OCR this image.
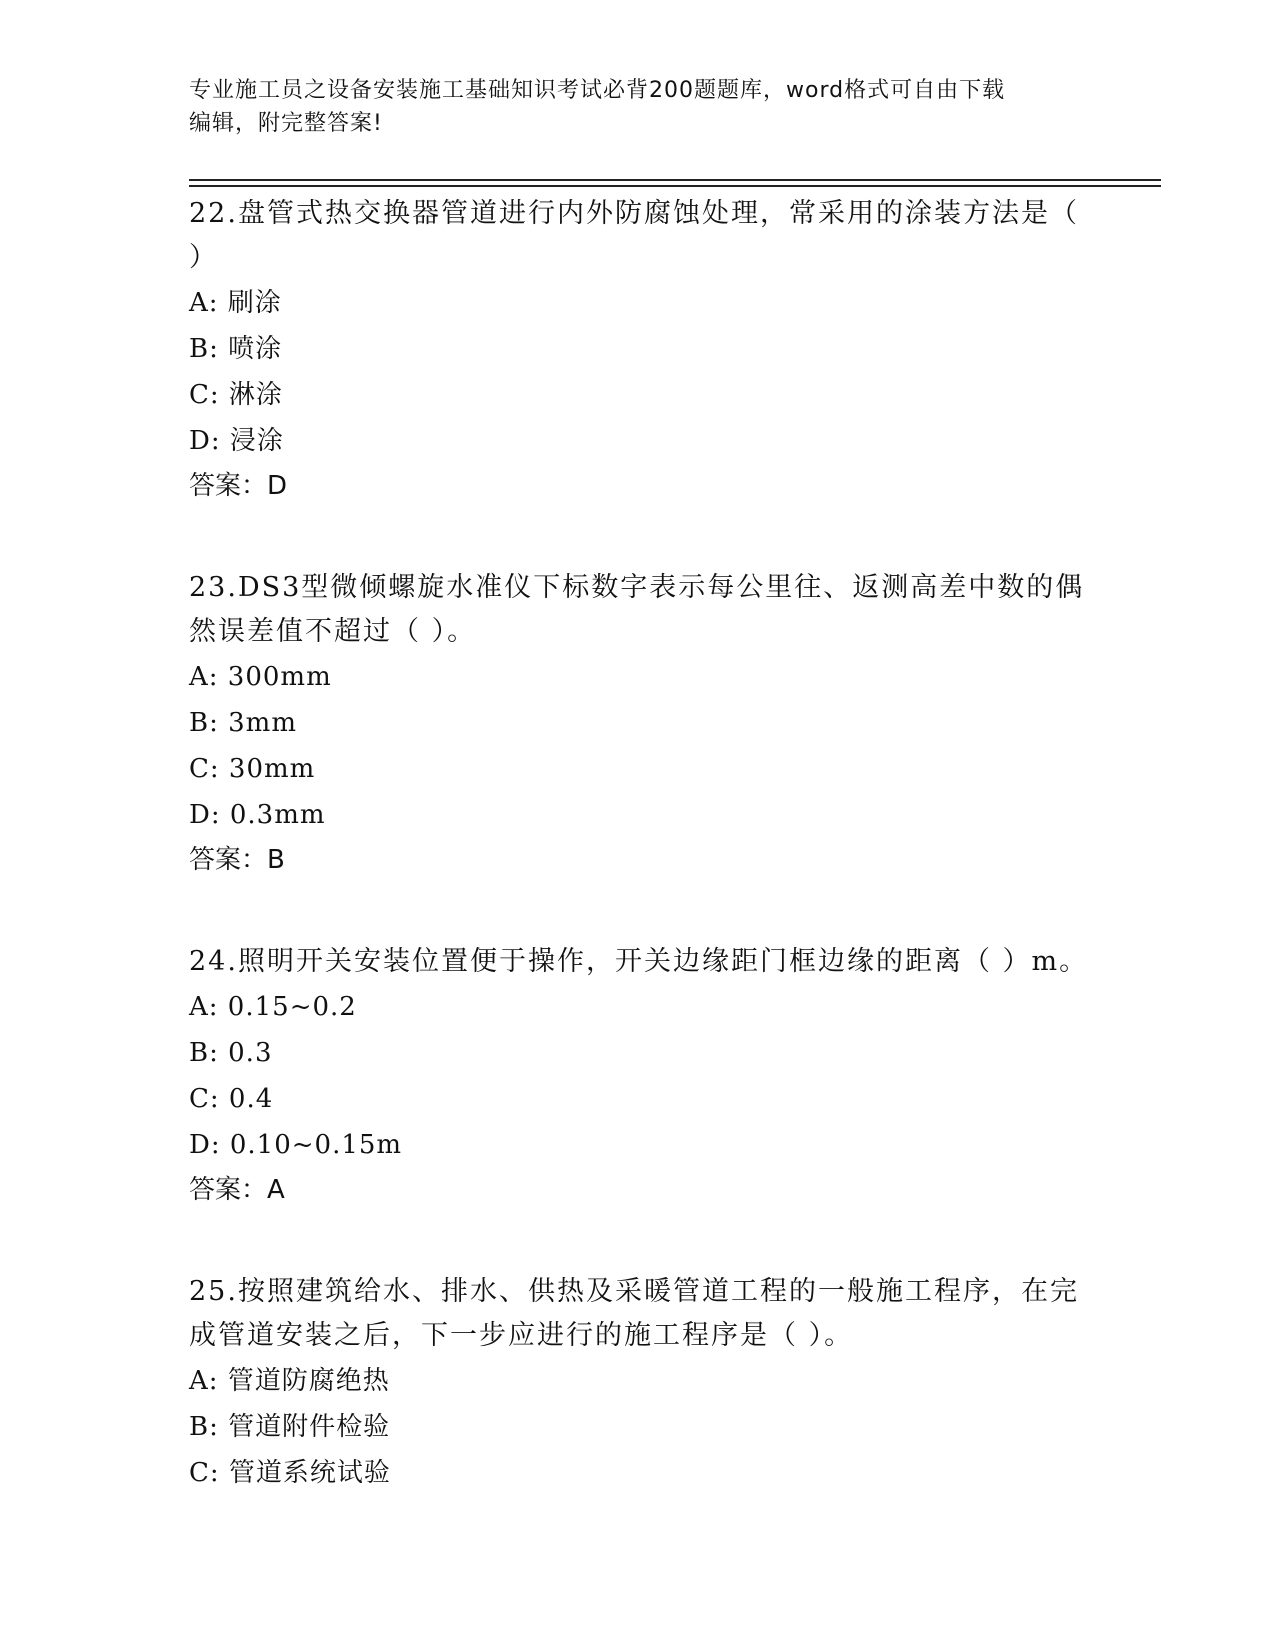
专业施工员之设备安装施工基础知识考试必背200题题库，word格式可自由下载
编辑，附完整答案!

22.盘管式热交换器管道进行内外防腐蚀处理，常采用的涂装方法是（
）

A: 刷涂

B: 喷涂

C: 淋涂

D: 浸涂

答案：D

23.DS3型微倾螺旋水准仪下标数字表示每公里往、返测高差中数的偶
然误差值不超过（ ）。

A: 300mm

B: 3mm

C: 30mm

D: 0.3mm

答案：B

24.照明开关安装位置便于操作，开关边缘距门框边缘的距离（ ）m。

A: 0.15~0.2

B: 0.3

C: 0.4

D: 0.10~0.15m

答案：A

25.按照建筑给水、排水、供热及采暖管道工程的一般施工程序，在完
成管道安装之后，下一步应进行的施工程序是（ ）。

A: 管道防腐绝热

B: 管道附件检验

C: 管道系统试验
